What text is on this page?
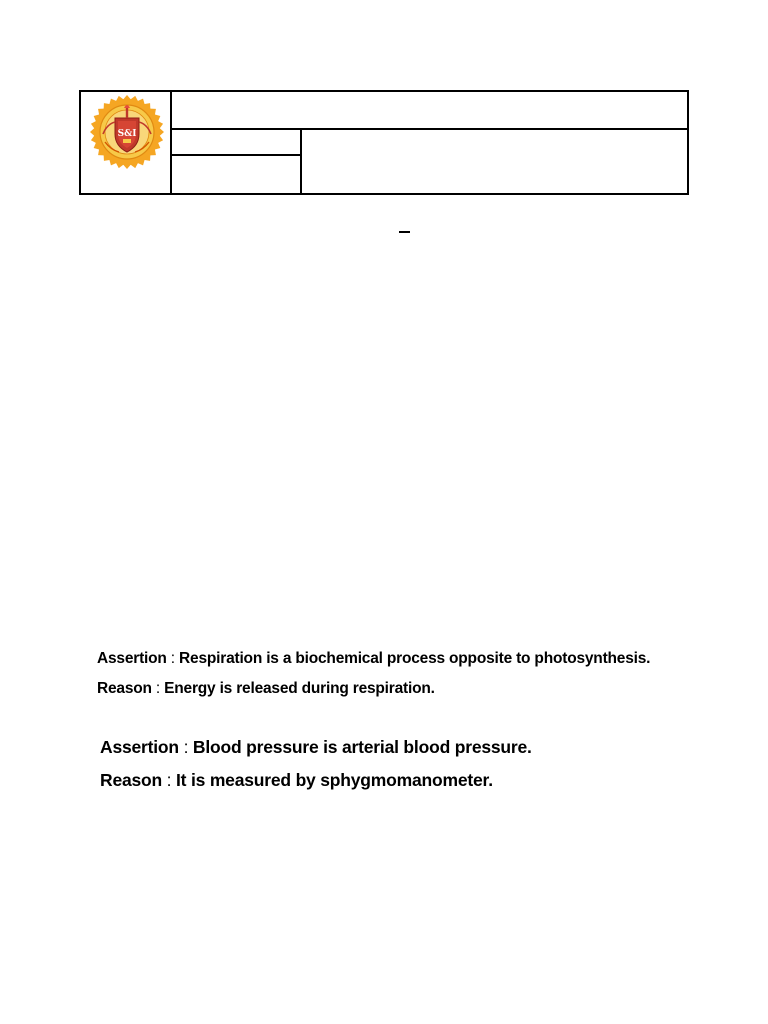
S&I
Assertion : Respiration is a biochemical process opposite to photosynthesis.
Reason : Energy is released during respiration.
Assertion : Blood pressure is arterial blood pressure.
Reason : It is measured by sphygmomanometer.
